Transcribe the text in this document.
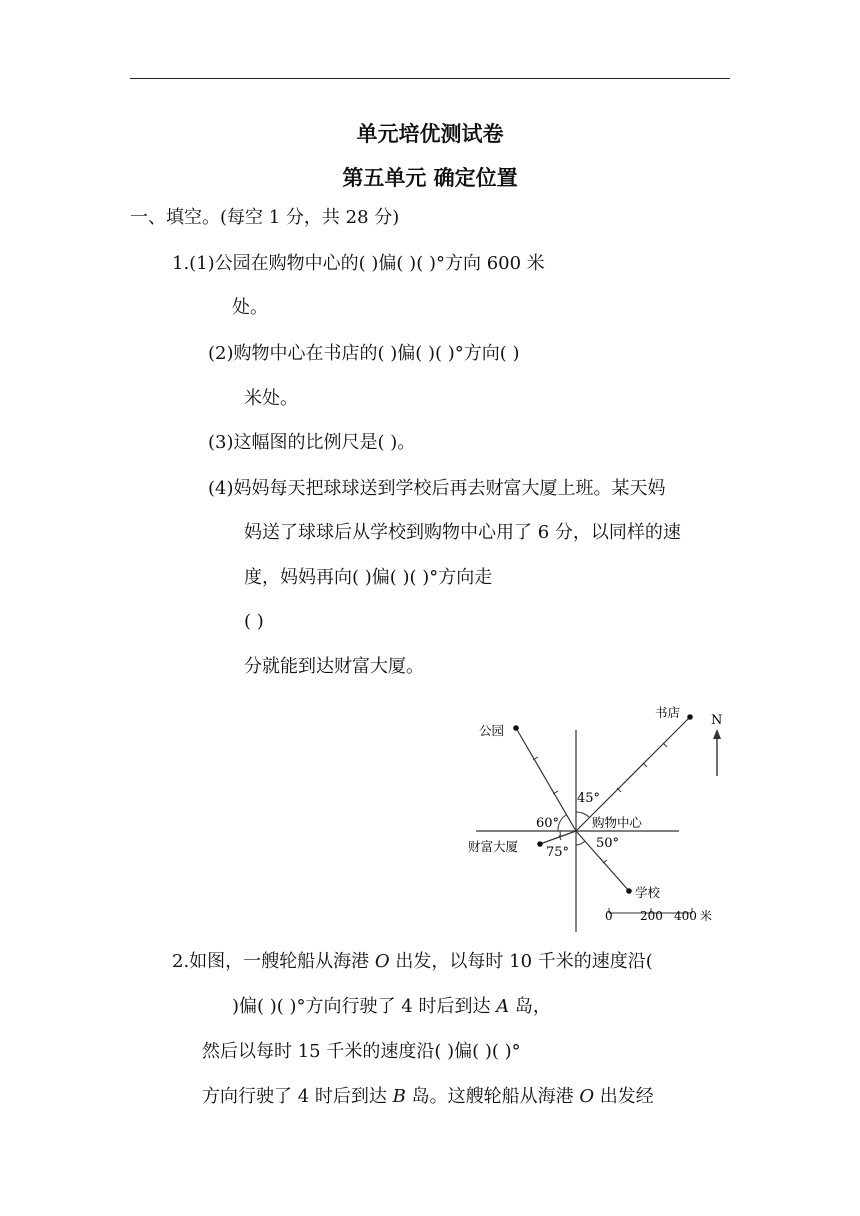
单元培优测试卷
第五单元 确定位置
一、填空。(每空 1 分，共 28 分)
1.(1)公园在购物中心的( )偏( )( )°方向 600 米
处。
(2)购物中心在书店的( )偏( )( )°方向( )
米处。
(3)这幅图的比例尺是( )。
(4)妈妈每天把球球送到学校后再去财富大厦上班。某天妈
妈送了球球后从学校到购物中心用了 6 分，以同样的速
度，妈妈再向( )偏( )( )°方向走
( )
分就能到达财富大厦。
公园
书店
N
购物中心
财富大厦
学校
45°
60°
75°
50°
0 200 400 米
2.如图，一艘轮船从海港 O 出发，以每时 10 千米的速度沿(
)偏( )( )°方向行驶了 4 时后到达 A 岛，
然后以每时 15 千米的速度沿( )偏( )( )°
方向行驶了 4 时后到达 B 岛。这艘轮船从海港 O 出发经
